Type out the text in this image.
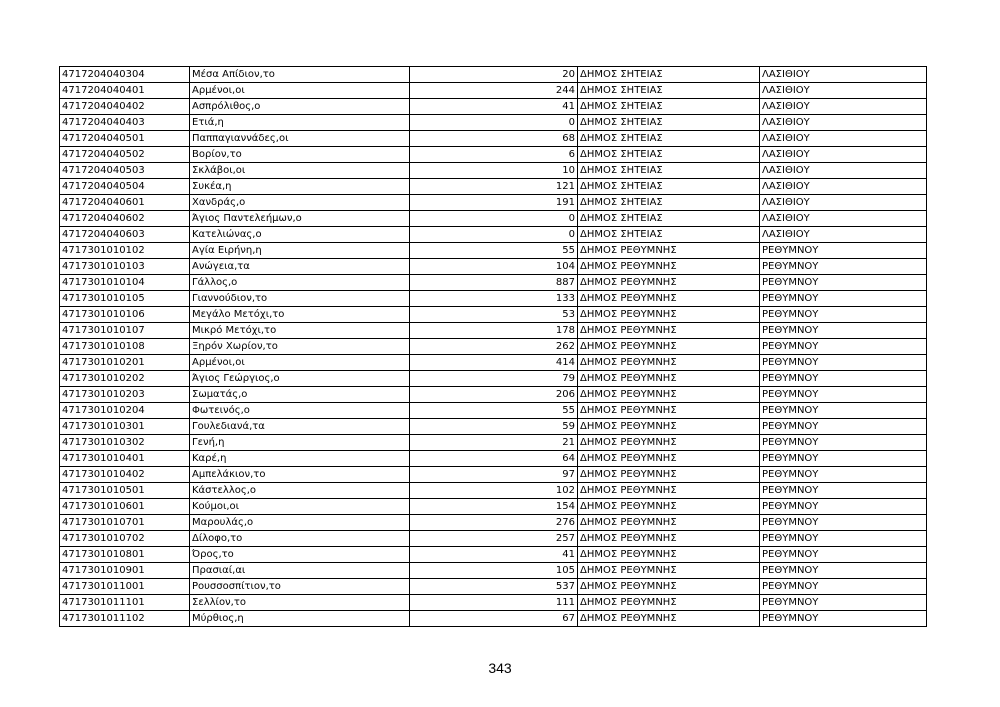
4717204040304	Μέσα Απίδιον,το	20	ΔΗΜΟΣ ΣΗΤΕΙΑΣ	ΛΑΣΙΘΙΟΥ
4717204040401	Αρμένοι,οι	244	ΔΗΜΟΣ ΣΗΤΕΙΑΣ	ΛΑΣΙΘΙΟΥ
4717204040402	Ασπρόλιθος,ο	41	ΔΗΜΟΣ ΣΗΤΕΙΑΣ	ΛΑΣΙΘΙΟΥ
4717204040403	Ετιά,η	0	ΔΗΜΟΣ ΣΗΤΕΙΑΣ	ΛΑΣΙΘΙΟΥ
4717204040501	Παππαγιαννάδες,οι	68	ΔΗΜΟΣ ΣΗΤΕΙΑΣ	ΛΑΣΙΘΙΟΥ
4717204040502	Βορίον,το	6	ΔΗΜΟΣ ΣΗΤΕΙΑΣ	ΛΑΣΙΘΙΟΥ
4717204040503	Σκλάβοι,οι	10	ΔΗΜΟΣ ΣΗΤΕΙΑΣ	ΛΑΣΙΘΙΟΥ
4717204040504	Συκέα,η	121	ΔΗΜΟΣ ΣΗΤΕΙΑΣ	ΛΑΣΙΘΙΟΥ
4717204040601	Χανδράς,ο	191	ΔΗΜΟΣ ΣΗΤΕΙΑΣ	ΛΑΣΙΘΙΟΥ
4717204040602	Άγιος Παντελεήμων,ο	0	ΔΗΜΟΣ ΣΗΤΕΙΑΣ	ΛΑΣΙΘΙΟΥ
4717204040603	Κατελιώνας,ο	0	ΔΗΜΟΣ ΣΗΤΕΙΑΣ	ΛΑΣΙΘΙΟΥ
4717301010102	Αγία Ειρήνη,η	55	ΔΗΜΟΣ ΡΕΘΥΜΝΗΣ	ΡΕΘΥΜΝΟΥ
4717301010103	Ανώγεια,τα	104	ΔΗΜΟΣ ΡΕΘΥΜΝΗΣ	ΡΕΘΥΜΝΟΥ
4717301010104	Γάλλος,ο	887	ΔΗΜΟΣ ΡΕΘΥΜΝΗΣ	ΡΕΘΥΜΝΟΥ
4717301010105	Γιαννούδιον,το	133	ΔΗΜΟΣ ΡΕΘΥΜΝΗΣ	ΡΕΘΥΜΝΟΥ
4717301010106	Μεγάλο Μετόχι,το	53	ΔΗΜΟΣ ΡΕΘΥΜΝΗΣ	ΡΕΘΥΜΝΟΥ
4717301010107	Μικρό Μετόχι,το	178	ΔΗΜΟΣ ΡΕΘΥΜΝΗΣ	ΡΕΘΥΜΝΟΥ
4717301010108	Ξηρόν Χωρίον,το	262	ΔΗΜΟΣ ΡΕΘΥΜΝΗΣ	ΡΕΘΥΜΝΟΥ
4717301010201	Αρμένοι,οι	414	ΔΗΜΟΣ ΡΕΘΥΜΝΗΣ	ΡΕΘΥΜΝΟΥ
4717301010202	Άγιος Γεώργιος,ο	79	ΔΗΜΟΣ ΡΕΘΥΜΝΗΣ	ΡΕΘΥΜΝΟΥ
4717301010203	Σωματάς,ο	206	ΔΗΜΟΣ ΡΕΘΥΜΝΗΣ	ΡΕΘΥΜΝΟΥ
4717301010204	Φωτεινός,ο	55	ΔΗΜΟΣ ΡΕΘΥΜΝΗΣ	ΡΕΘΥΜΝΟΥ
4717301010301	Γουλεδιανά,τα	59	ΔΗΜΟΣ ΡΕΘΥΜΝΗΣ	ΡΕΘΥΜΝΟΥ
4717301010302	Γενή,η	21	ΔΗΜΟΣ ΡΕΘΥΜΝΗΣ	ΡΕΘΥΜΝΟΥ
4717301010401	Καρέ,η	64	ΔΗΜΟΣ ΡΕΘΥΜΝΗΣ	ΡΕΘΥΜΝΟΥ
4717301010402	Αμπελάκιον,το	97	ΔΗΜΟΣ ΡΕΘΥΜΝΗΣ	ΡΕΘΥΜΝΟΥ
4717301010501	Κάστελλος,ο	102	ΔΗΜΟΣ ΡΕΘΥΜΝΗΣ	ΡΕΘΥΜΝΟΥ
4717301010601	Κούμοι,οι	154	ΔΗΜΟΣ ΡΕΘΥΜΝΗΣ	ΡΕΘΥΜΝΟΥ
4717301010701	Μαρουλάς,ο	276	ΔΗΜΟΣ ΡΕΘΥΜΝΗΣ	ΡΕΘΥΜΝΟΥ
4717301010702	Δίλοφο,το	257	ΔΗΜΟΣ ΡΕΘΥΜΝΗΣ	ΡΕΘΥΜΝΟΥ
4717301010801	Όρος,το	41	ΔΗΜΟΣ ΡΕΘΥΜΝΗΣ	ΡΕΘΥΜΝΟΥ
4717301010901	Πρασιαί,αι	105	ΔΗΜΟΣ ΡΕΘΥΜΝΗΣ	ΡΕΘΥΜΝΟΥ
4717301011001	Ρουσσοσπίτιον,το	537	ΔΗΜΟΣ ΡΕΘΥΜΝΗΣ	ΡΕΘΥΜΝΟΥ
4717301011101	Σελλίον,το	111	ΔΗΜΟΣ ΡΕΘΥΜΝΗΣ	ΡΕΘΥΜΝΟΥ
4717301011102	Μύρθιος,η	67	ΔΗΜΟΣ ΡΕΘΥΜΝΗΣ	ΡΕΘΥΜΝΟΥ
343
